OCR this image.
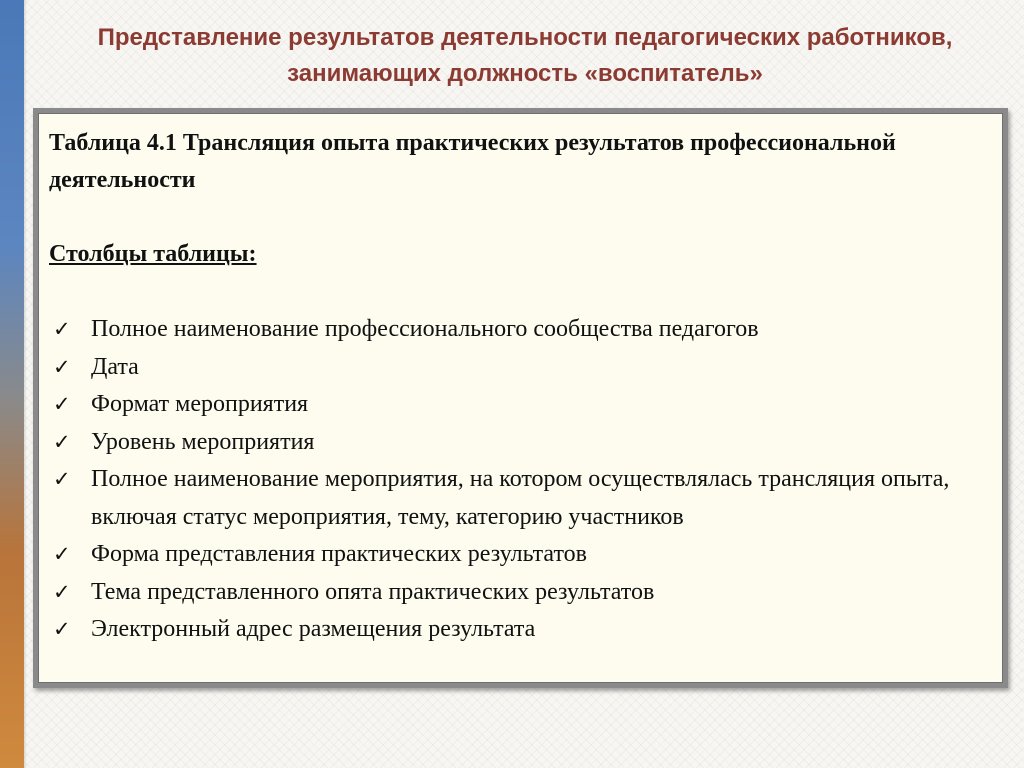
Представление результатов деятельности педагогических работников, занимающих должность «воспитатель»

Таблица 4.1 Трансляция опыта практических результатов профессиональной деятельности

Столбцы таблицы:

✓ Полное наименование профессионального сообщества педагогов
✓ Дата
✓ Формат мероприятия
✓ Уровень мероприятия
✓ Полное наименование мероприятия, на котором осуществлялась трансляция опыта, включая статус мероприятия, тему, категорию участников
✓ Форма представления практических результатов
✓ Тема представленного опята практических результатов
✓ Электронный адрес размещения результата
